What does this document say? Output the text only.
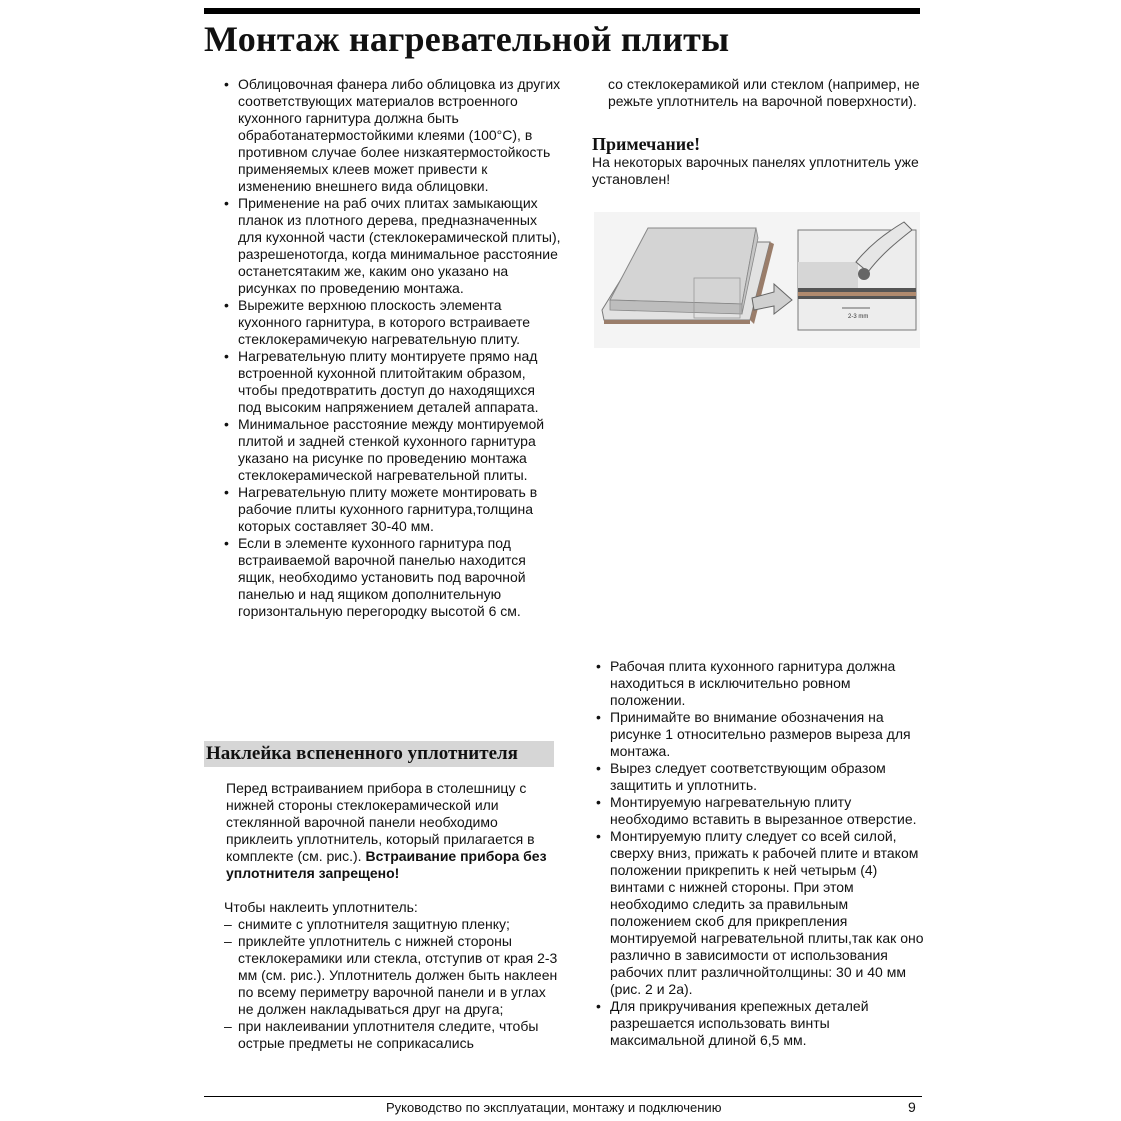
Монтаж нагревательной плиты
• Облицовочная фанера либо облицовка из других соответствующих материалов встроенного кухонного гарнитура должна быть обработанатермостойкими клеями (100°С), в противном случае более низкаятермостойкость применяемых клеев может привести к изменению внешнего вида облицовки.
• Применение на раб очих плитах замыкающих планок из плотного дерева, предназначенных для кухонной части (стеклокерамической плиты), разрешенотогда, когда минимальное расстояние останетсятаким же, каким оно указано на рисунках по проведению монтажа.
• Вырежите верхнюю плоскость элемента кухонного гарнитура, в которого встраиваете стеклокерамичекую нагревательную плиту.
• Нагревательную плиту монтируете прямо над встроенной кухонной плитойтаким образом, чтобы предотвратить доступ до находящихся под высоким напряжением деталей аппарата.
• Минимальное расстояние между монтируемой плитой и задней стенкой кухонного гарнитура указано на рисунке по проведению монтажа стеклокерамической нагревательной плиты.
• Нагревательную плиту можете монтировать в рабочие плиты кухонного гарнитура,толщина которых составляет 30-40 мм.
• Если в элементе кухонного гарнитура под встраиваемой варочной панелью находится ящик, необходимо установить под варочной панелью и над ящиком дополнительную горизонтальную перегородку высотой 6 см.
Наклейка вспененного уплотнителя
Перед встраиванием прибора в столешницу с нижней стороны стеклокерамической или стеклянной варочной панели необходимо приклеить уплотнитель, который прилагается в комплекте (см. рис.). Встраивание прибора без уплотнителя запрещено!

Чтобы наклеить уплотнитель:

– снимите с уплотнителя защитную пленку;
– приклейте уплотнитель с нижней стороны стеклокерамики или стекла, отступив от края 2-3 мм (см. рис.). Уплотнитель должен быть наклеен по всему периметру варочной панели и в углах не должен накладываться друг на друга;
– при наклеивании уплотнителя следите, чтобы острые предметы не соприкасались

со стеклокерамикой или стеклом (например, не режьте уплотнитель на варочной поверхности).

Примечание!

На некоторых варочных панелях уплотнитель уже установлен!

2-3 mm
• Рабочая плита кухонного гарнитура должна находиться в исключительно ровном положении.
• Принимайте во внимание обозначения на рисунке 1 относительно размеров выреза для монтажа.
• Вырез следует соответствующим образом защитить и уплотнить.
• Монтируемую нагревательную плиту необходимо вставить в вырезанное отверстие.
• Монтируемую плиту следует со всей силой, сверху вниз, прижать к рабочей плите и втаком положении прикрепить к ней четырьм (4) винтами с нижней стороны. При этом необходимо следить за правильным положением скоб для прикрепления монтируемой нагревательной плиты,так как оно различно в зависимости от использования рабочих плит различнойтолщины: 30 и 40 мм (рис. 2 и 2а).
• Для прикручивания крепежных деталей разрешается использовать винты максимальной длиной 6,5 мм.
Руководство по эксплуатации, монтажу и подключению	9
